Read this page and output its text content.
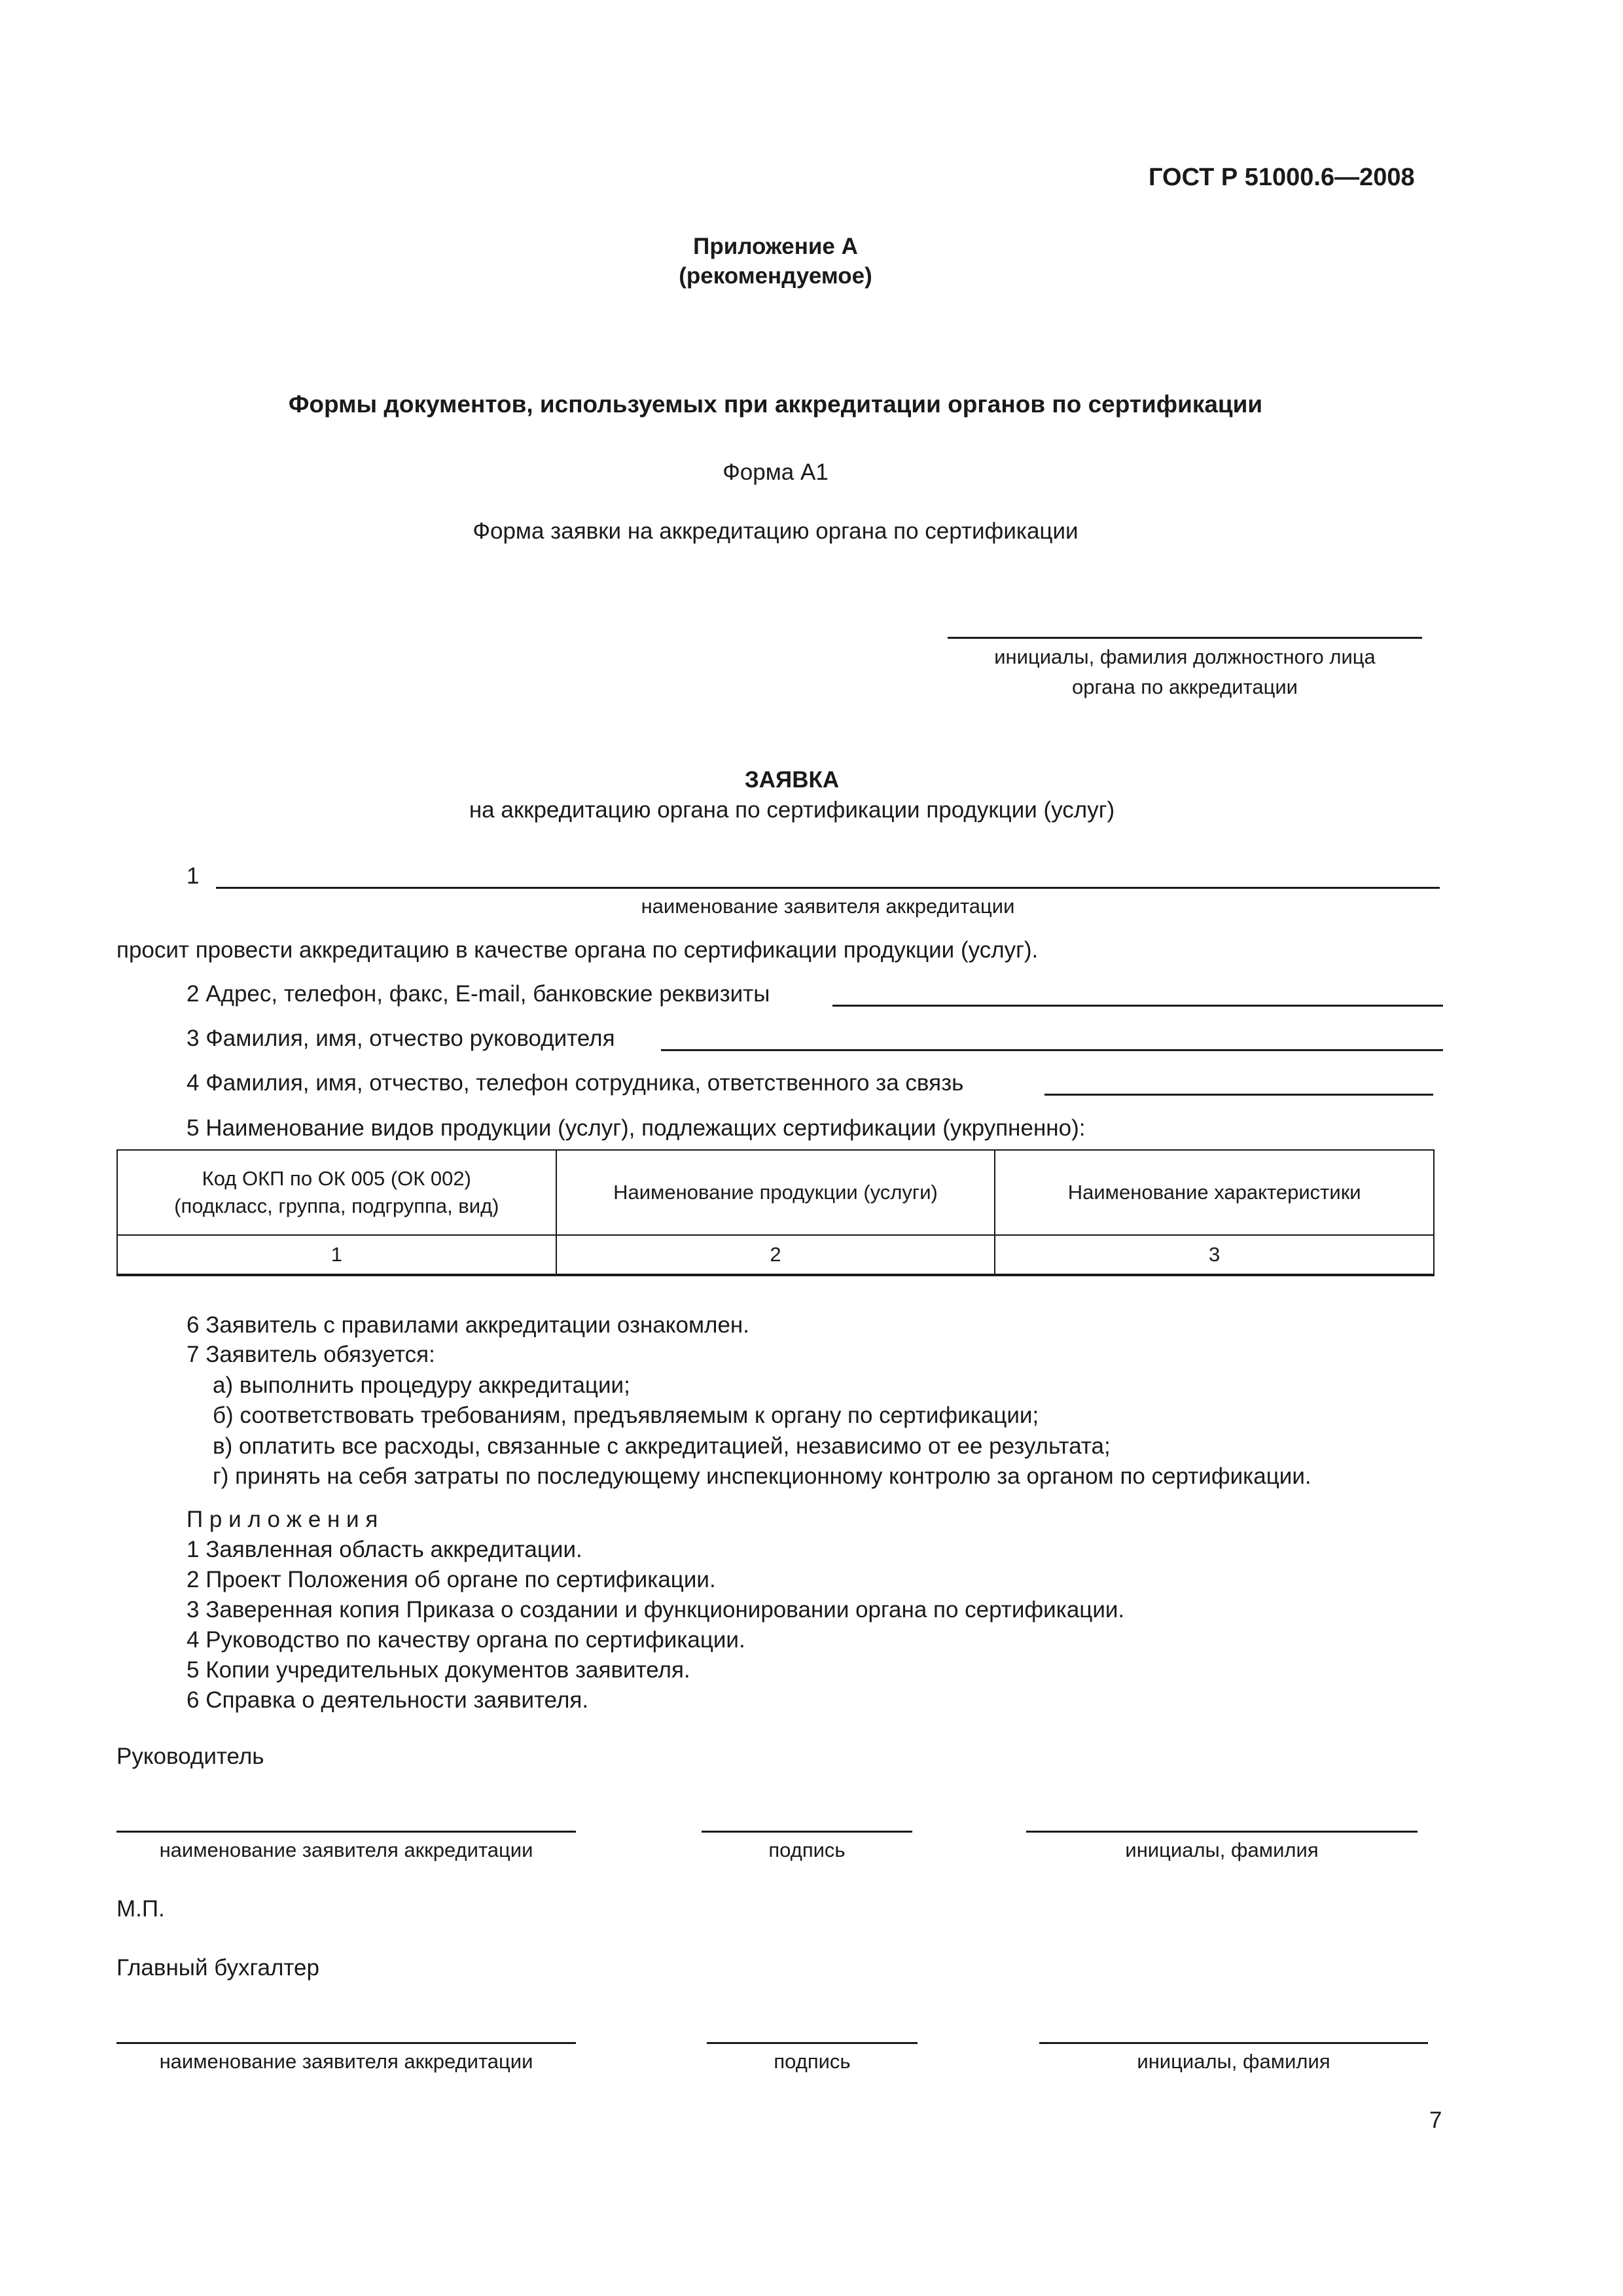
ГОСТ Р 51000.6—2008
Приложение А
(рекомендуемое)
Формы документов, используемых при аккредитации органов по сертификации
Форма А1
Форма заявки на аккредитацию органа по сертификации
инициалы, фамилия должностного лица
органа по аккредитации
ЗАЯВКА
на аккредитацию органа по сертификации продукции (услуг)
1
наименование заявителя аккредитации
просит провести аккредитацию в качестве органа по сертификации продукции (услуг).
2 Адрес, телефон, факс, E-mail, банковские реквизиты
3 Фамилия, имя, отчество руководителя
4 Фамилия, имя, отчество, телефон сотрудника, ответственного за связь
5 Наименование видов продукции (услуг), подлежащих сертификации (укрупненно):
Код ОКП по ОК 005 (ОК 002)
(подкласс, группа, подгруппа, вид)	Наименование продукции (услуги)	Наименование характеристики

1	2	3
6 Заявитель с правилами аккредитации ознакомлен.
7 Заявитель обязуется:
а) выполнить процедуру аккредитации;
б) соответствовать требованиям, предъявляемым к органу по сертификации;
в) оплатить все расходы, связанные с аккредитацией, независимо от ее результата;
г) принять на себя затраты по последующему инспекционному контролю за органом по сертификации.
П р и л о ж е н и я
1 Заявленная область аккредитации.
2 Проект Положения об органе по сертификации.
3 Заверенная копия Приказа о создании и функционировании органа по сертификации.
4 Руководство по качеству органа по сертификации.
5 Копии учредительных документов заявителя.
6 Справка о деятельности заявителя.
Руководитель
наименование заявителя аккредитации	подпись	инициалы, фамилия
М.П.
Главный бухгалтер
наименование заявителя аккредитации	подпись	инициалы, фамилия
7
